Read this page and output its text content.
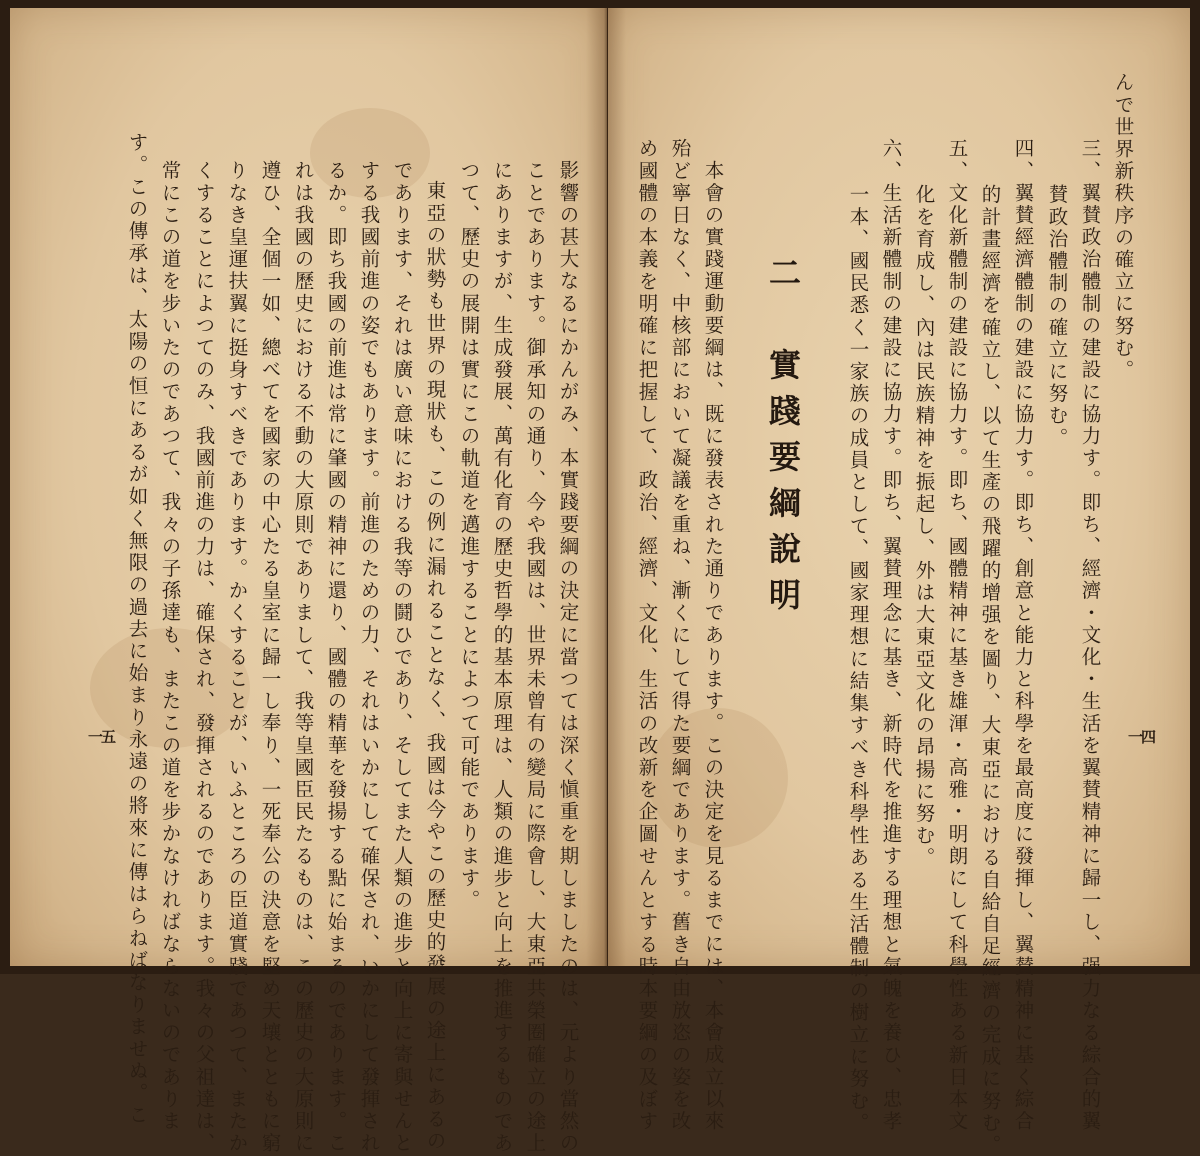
影響の甚大なるにかんがみ、本實踐要綱の決定に當つては深く愼重を期しましたのは、元より當然の
ことであります。御承知の通り、今や我國は、世界未曾有の變局に際會し、大東亞共榮圈確立の途上
にありますが、生成發展、萬有化育の歷史哲學的基本原理は、人類の進步と向上を推進するものであ
つて、歷史の展開は實にこの軌道を邁進することによつて可能であります。
東亞の狀勢も世界の現狀も、この例に漏れることなく、我國は今やこの歷史的發展の途上にあるの
であります、それは廣い意味における我等の鬪ひであり、そしてまた人類の進步と向上に寄與せんと
する我國前進の姿でもあります。前進のための力、それはいかにして確保され、いかにして發揮され
るか。即ち我國の前進は常に肇國の精神に還り、國體の精華を發揚する點に始まるのであります。こ
れは我國の歷史における不動の大原則でありまして、我等皇國臣民たるものは、この歷史の大原則に
遵ひ、全個一如、總べてを國家の中心たる皇室に歸一し奉り、一死奉公の決意を堅め天壤とともに窮
りなき皇運扶翼に挺身すべきであります。かくすることが、いふところの臣道實踐であつて、またか
くすることによつてのみ、我國前進の力は、確保され、發揮されるのであります。我々の父祖達は、
常にこの道を步いたのであつて、我々の子孫達も、またこの道を步かなければならないのでありま
す。この傳承は、太陽の恒にあるが如く無限の過去に始まり永遠の將來に傳はらねばなりませぬ。こ
一五
んで世界新秩序の確立に努む。
三、翼賛政治體制の建設に協力す。即ち、經濟・文化・生活を翼賛精神に歸一し、强力なる綜合的翼
賛政治體制の確立に努む。
四、翼賛經濟體制の建設に協力す。即ち、創意と能力と科學を最高度に發揮し、翼賛精神に基く綜合
的計畫經濟を確立し、以て生產の飛躍的增强を圖り、大東亞における自給自足經濟の完成に努む。
五、文化新體制の建設に協力す。即ち、國體精神に基き雄渾・高雅・明朗にして科學性ある新日本文
化を育成し、內は民族精神を振起し、外は大東亞文化の昂揚に努む。
六、生活新體制の建設に協力す。即ち、翼賛理念に基き、新時代を推進する理想と氣魄を養ひ、忠孝
一本、國民悉く一家族の成員として、國家理想に結集すべき科學性ある生活體制の樹立に努む。
二　實踐要綱說明
本會の實踐運動要綱は、既に發表された通りであります。この決定を見るまでには、本會成立以來
殆ど寧日なく、中核部において凝議を重ね、漸くにして得た要綱であります。舊き自由放恣の姿を改
め國體の本義を明確に把握して、政治、經濟、文化、生活の改新を企圖せんとする時本要綱の及ぼす	一四
